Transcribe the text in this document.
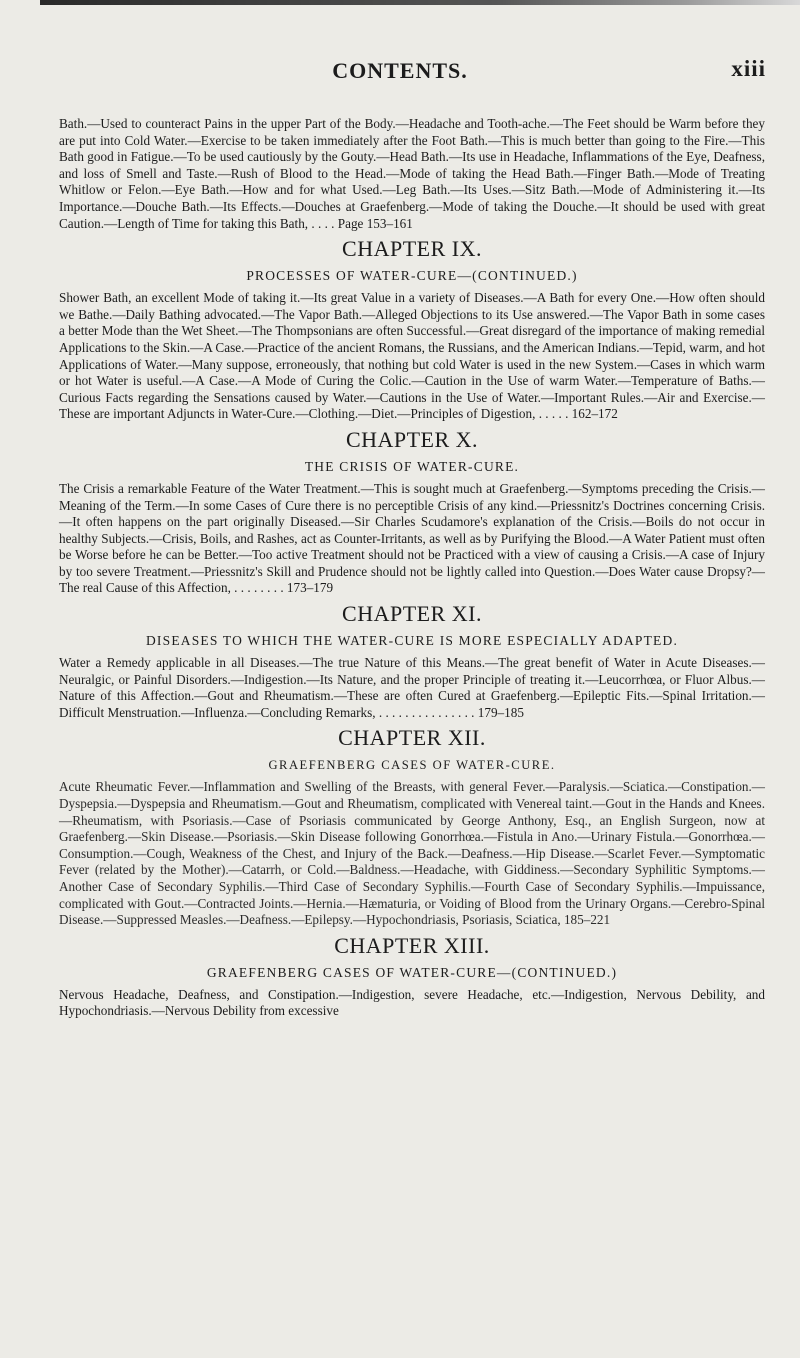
CONTENTS.	xiii

Bath.—Used to counteract Pains in the upper Part of the Body.—Headache and Tooth-ache.—The Feet should be Warm before they are put into Cold Water.—Exercise to be taken immediately after the Foot Bath.—This is much better than going to the Fire.—This Bath good in Fatigue.—To be used cautiously by the Gouty.—Head Bath.—Its use in Headache, Inflammations of the Eye, Deafness, and loss of Smell and Taste.—Rush of Blood to the Head.—Mode of taking the Head Bath.—Finger Bath.—Mode of Treating Whitlow or Felon.—Eye Bath.—How and for what Used.—Leg Bath.—Its Uses.—Sitz Bath.—Mode of Administering it.—Its Importance.—Douche Bath.—Its Effects.—Douches at Graefenberg.—Mode of taking the Douche.—It should be used with great Caution.—Length of Time for taking this Bath, . . . . Page 153–161

CHAPTER IX.
PROCESSES OF WATER-CURE—(CONTINUED.)

Shower Bath, an excellent Mode of taking it.—Its great Value in a variety of Diseases.—A Bath for every One.—How often should we Bathe.—Daily Bathing advocated.—The Vapor Bath.—Alleged Objections to its Use answered.—The Vapor Bath in some cases a better Mode than the Wet Sheet.—The Thompsonians are often Successful.—Great disregard of the importance of making remedial Applications to the Skin.—A Case.—Practice of the ancient Romans, the Russians, and the American Indians.—Tepid, warm, and hot Applications of Water.—Many suppose, erroneously, that nothing but cold Water is used in the new System.—Cases in which warm or hot Water is useful.—A Case.—A Mode of Curing the Colic.—Caution in the Use of warm Water.—Temperature of Baths.—Curious Facts regarding the Sensations caused by Water.—Cautions in the Use of Water.—Important Rules.—Air and Exercise.—These are important Adjuncts in Water-Cure.—Clothing.—Diet.—Principles of Digestion, . . . . . 162–172

CHAPTER X.
THE CRISIS OF WATER-CURE.

The Crisis a remarkable Feature of the Water Treatment.—This is sought much at Graefenberg.—Symptoms preceding the Crisis.—Meaning of the Term.—In some Cases of Cure there is no perceptible Crisis of any kind.—Priessnitz's Doctrines concerning Crisis.—It often happens on the part originally Diseased.—Sir Charles Scudamore's explanation of the Crisis.—Boils do not occur in healthy Subjects.—Crisis, Boils, and Rashes, act as Counter-Irritants, as well as by Purifying the Blood.—A Water Patient must often be Worse before he can be Better.—Too active Treatment should not be Practiced with a view of causing a Crisis.—A case of Injury by too severe Treatment.—Priessnitz's Skill and Prudence should not be lightly called into Question.—Does Water cause Dropsy?—The real Cause of this Affection, . . . . . . . . 173–179

CHAPTER XI.
DISEASES TO WHICH THE WATER-CURE IS MORE ESPECIALLY ADAPTED.

Water a Remedy applicable in all Diseases.—The true Nature of this Means.—The great benefit of Water in Acute Diseases.—Neuralgic, or Painful Disorders.—Indigestion.—Its Nature, and the proper Principle of treating it.—Leucorrhœa, or Fluor Albus.—Nature of this Affection.—Gout and Rheumatism.—These are often Cured at Graefenberg.—Epileptic Fits.—Spinal Irritation.—Difficult Menstruation.—Influenza.—Concluding Remarks, . . . . . . . . . . . . . . . 179–185

CHAPTER XII.
GRAEFENBERG CASES OF WATER-CURE.

Acute Rheumatic Fever.—Inflammation and Swelling of the Breasts, with general Fever.—Paralysis.—Sciatica.—Constipation.—Dyspepsia.—Dyspepsia and Rheumatism.—Gout and Rheumatism, complicated with Venereal taint.—Gout in the Hands and Knees.—Rheumatism, with Psoriasis.—Case of Psoriasis communicated by George Anthony, Esq., an English Surgeon, now at Graefenberg.—Skin Disease.—Psoriasis.—Skin Disease following Gonorrhœa.—Fistula in Ano.—Urinary Fistula.—Gonorrhœa.—Consumption.—Cough, Weakness of the Chest, and Injury of the Back.—Deafness.—Hip Disease.—Scarlet Fever.—Symptomatic Fever (related by the Mother).—Catarrh, or Cold.—Baldness.—Headache, with Giddiness.—Secondary Syphilitic Symptoms.—Another Case of Secondary Syphilis.—Third Case of Secondary Syphilis.—Fourth Case of Secondary Syphilis.—Impuissance, complicated with Gout.—Contracted Joints.—Hernia.—Hæmaturia, or Voiding of Blood from the Urinary Organs.—Cerebro-Spinal Disease.—Suppressed Measles.—Deafness.—Epilepsy.—Hypochondriasis, Psoriasis, Sciatica, 185–221

CHAPTER XIII.
GRAEFENBERG CASES OF WATER-CURE—(CONTINUED.)

Nervous Headache, Deafness, and Constipation.—Indigestion, severe Headache, etc.—Indigestion, Nervous Debility, and Hypochondriasis.—Nervous Debility from excessive
